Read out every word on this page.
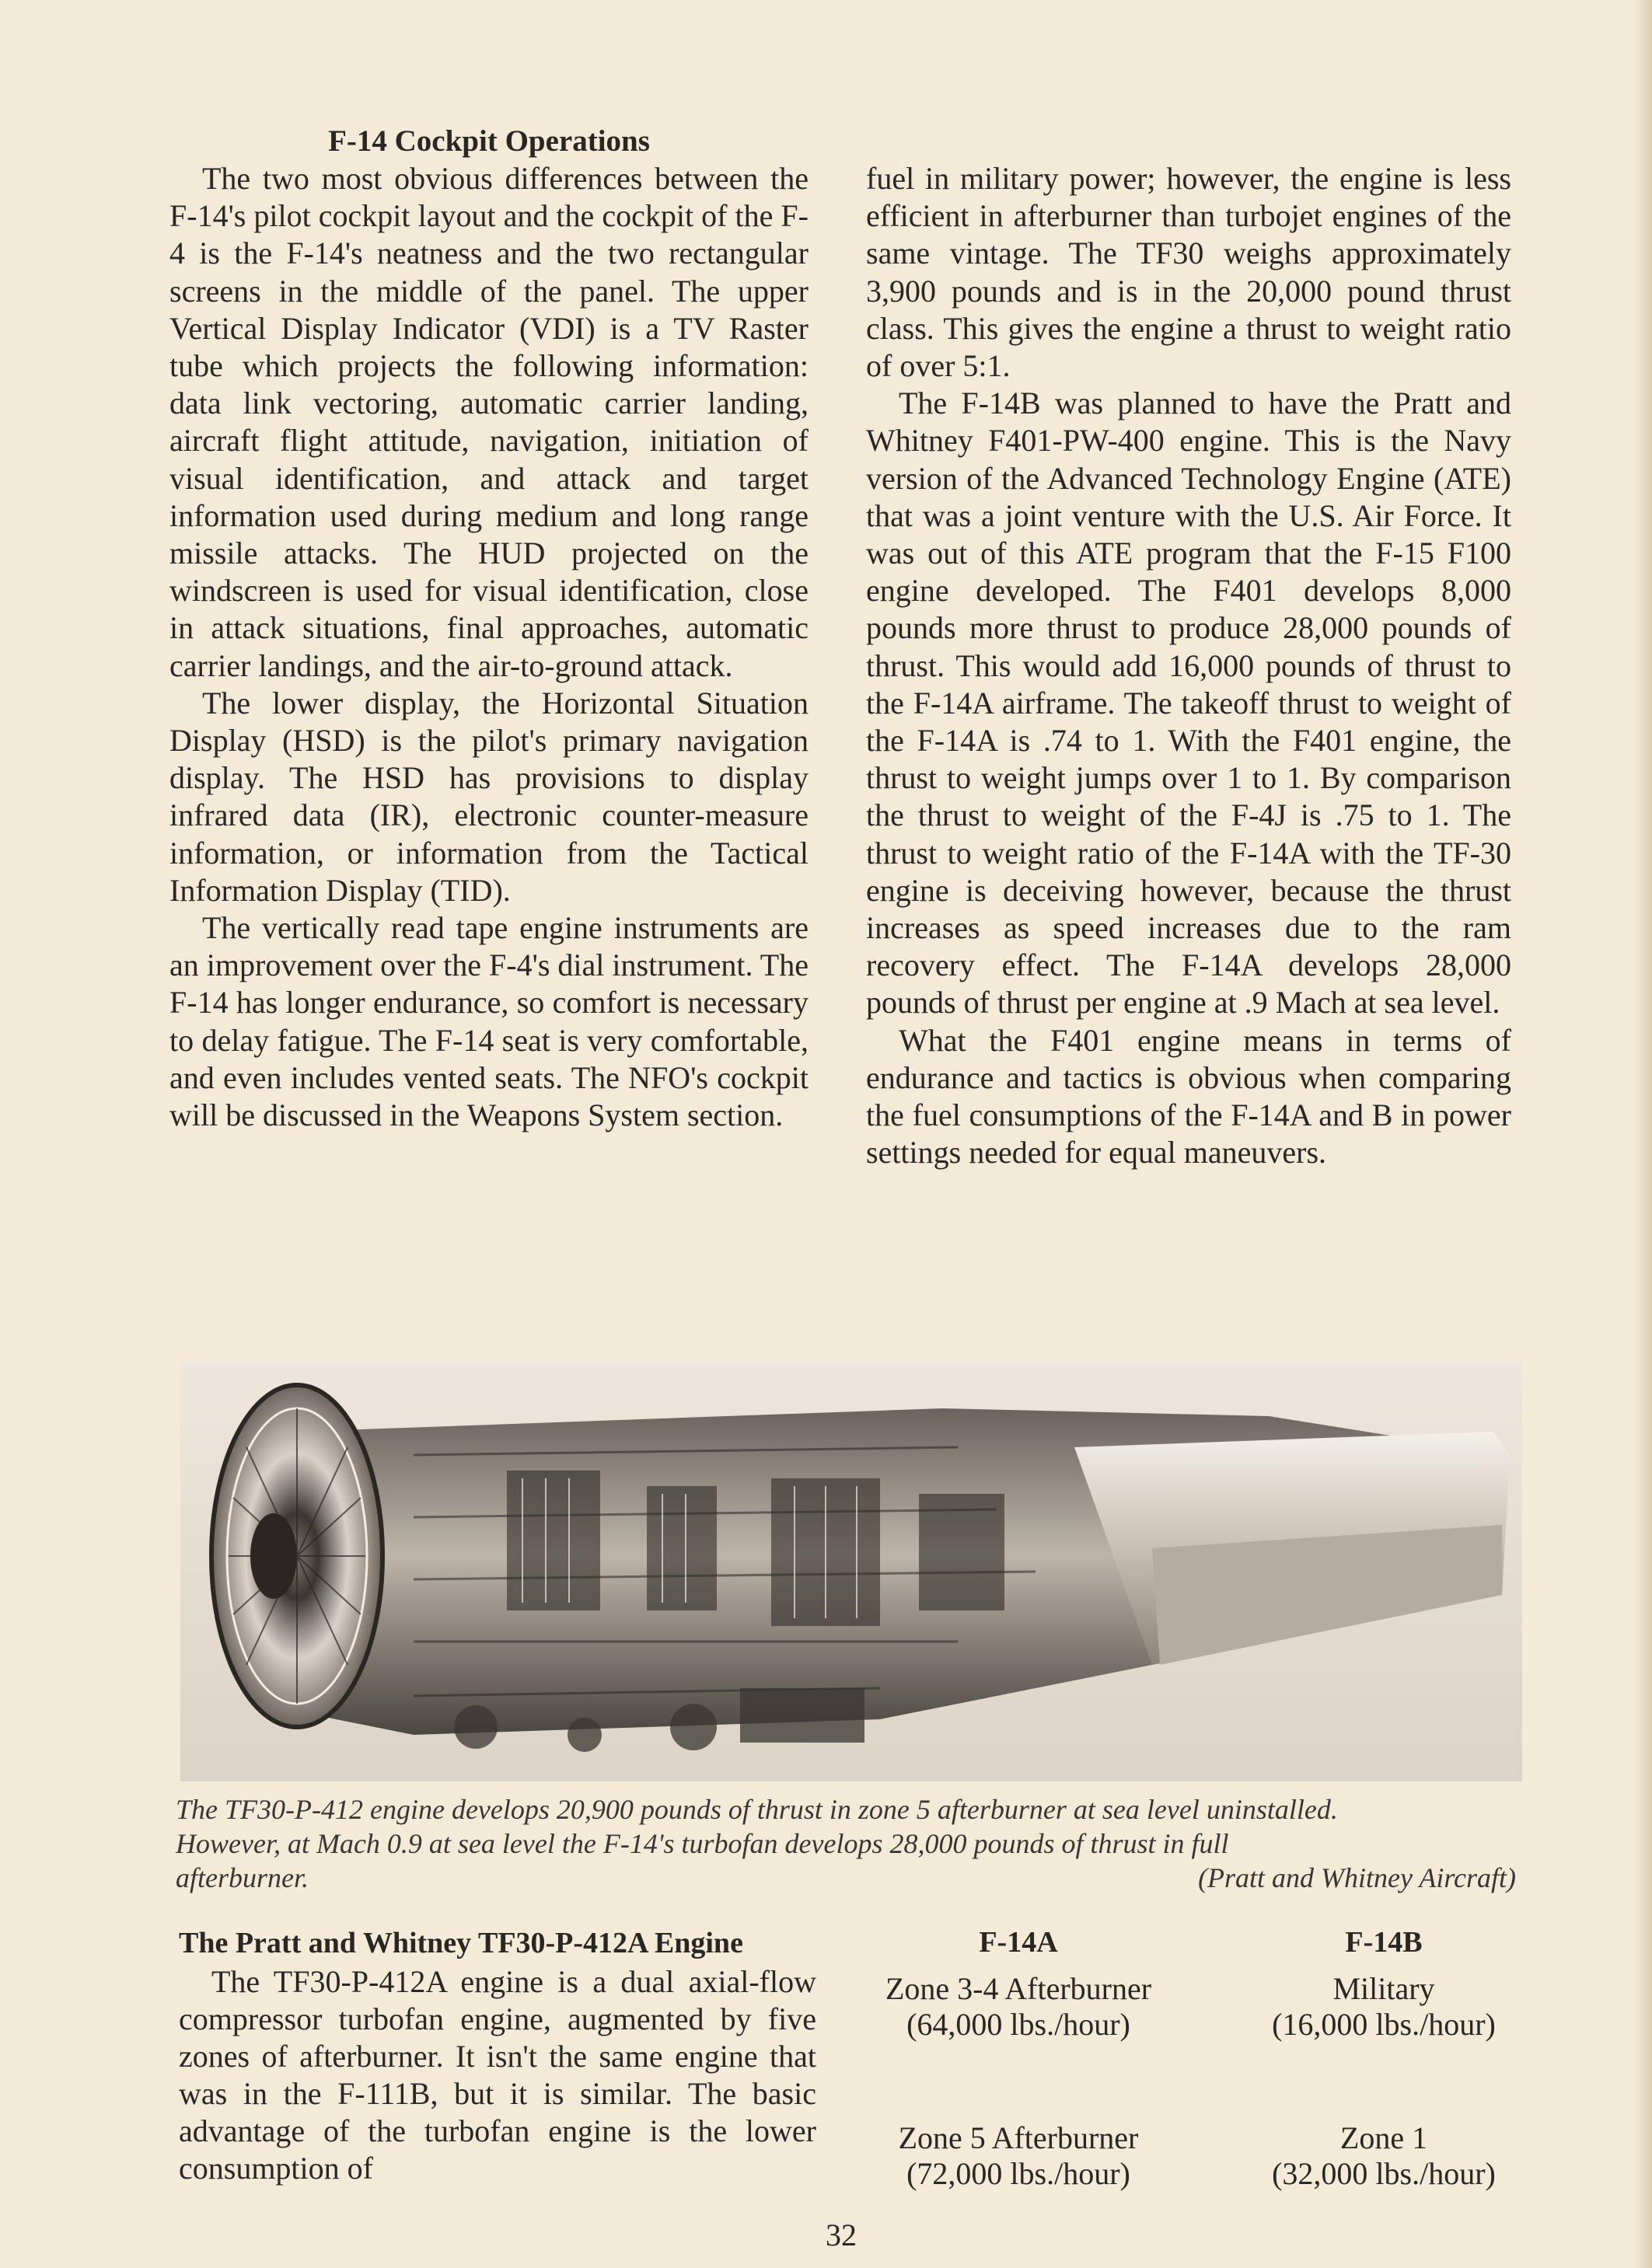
F-14 Cockpit Operations

The two most obvious differences between the F-14's pilot cockpit layout and the cockpit of the F-4 is the F-14's neatness and the two rectangular screens in the middle of the panel. The upper Vertical Display Indicator (VDI) is a TV Raster tube which projects the following information: data link vectoring, automatic carrier landing, aircraft flight attitude, navigation, initiation of visual identification, and attack and target information used during medium and long range missile attacks. The HUD projected on the windscreen is used for visual identification, close in attack situations, final approaches, automatic carrier landings, and the air-to-ground attack.

The lower display, the Horizontal Situation Display (HSD) is the pilot's primary navigation display. The HSD has provisions to display infrared data (IR), electronic counter-measure information, or information from the Tactical Information Display (TID).

The vertically read tape engine instruments are an improvement over the F-4's dial instrument. The F-14 has longer endurance, so comfort is necessary to delay fatigue. The F-14 seat is very comfortable, and even includes vented seats. The NFO's cockpit will be discussed in the Weapons System section.

fuel in military power; however, the engine is less efficient in afterburner than turbojet engines of the same vintage. The TF30 weighs approximately 3,900 pounds and is in the 20,000 pound thrust class. This gives the engine a thrust to weight ratio of over 5:1.

The F-14B was planned to have the Pratt and Whitney F401-PW-400 engine. This is the Navy version of the Advanced Technology Engine (ATE) that was a joint venture with the U.S. Air Force. It was out of this ATE program that the F-15 F100 engine developed. The F401 develops 8,000 pounds more thrust to produce 28,000 pounds of thrust. This would add 16,000 pounds of thrust to the F-14A airframe. The takeoff thrust to weight of the F-14A is .74 to 1. With the F401 engine, the thrust to weight jumps over 1 to 1. By comparison the thrust to weight of the F-4J is .75 to 1. The thrust to weight ratio of the F-14A with the TF-30 engine is deceiving however, because the thrust increases as speed increases due to the ram recovery effect. The F-14A develops 28,000 pounds of thrust per engine at .9 Mach at sea level.

What the F401 engine means in terms of endurance and tactics is obvious when comparing the fuel consumptions of the F-14A and B in power settings needed for equal maneuvers.

The TF30-P-412 engine develops 20,900 pounds of thrust in zone 5 afterburner at sea level uninstalled.
However, at Mach 0.9 at sea level the F-14's turbofan develops 28,000 pounds of thrust in full
afterburner.	(Pratt and Whitney Aircraft)
The Pratt and Whitney TF30-P-412A Engine

The TF30-P-412A engine is a dual axial-flow compressor turbofan engine, augmented by five zones of afterburner. It isn't the same engine that was in the F-111B, but it is similar. The basic advantage of the turbofan engine is the lower consumption of

F-14A
Zone 3-4 Afterburner
(64,000 lbs./hour)
Zone 5 Afterburner
(72,000 lbs./hour)
F-14B
Military
(16,000 lbs./hour)
Zone 1
(32,000 lbs./hour)
32
